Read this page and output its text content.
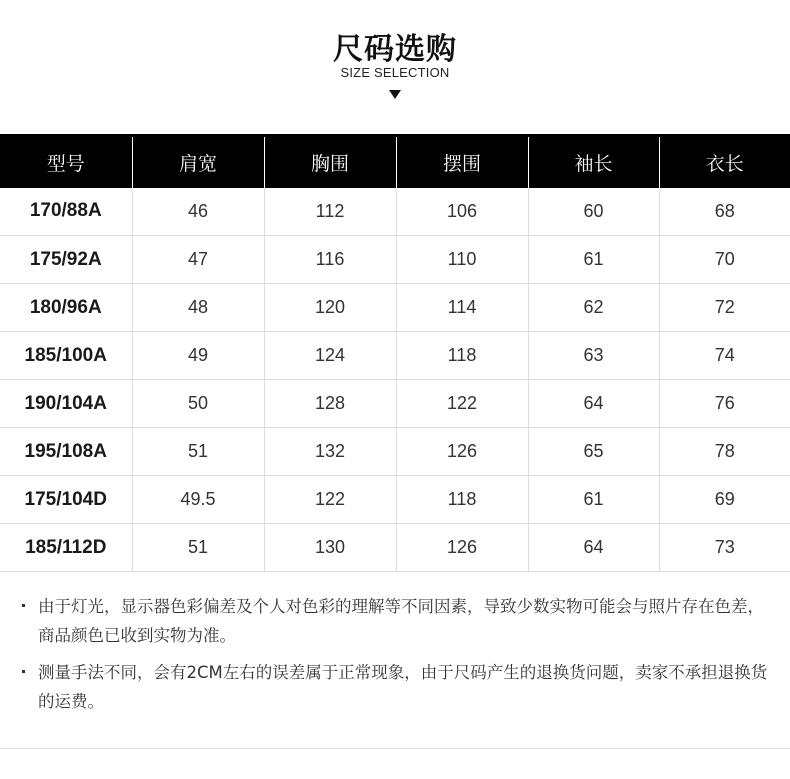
尺码选购
SIZE SELECTION
型号	肩宽	胸围	摆围	袖长	衣长
170/88A	46	112	106	60	68
175/92A	47	116	110	61	70
180/96A	48	120	114	62	72
185/100A	49	124	118	63	74
190/104A	50	128	122	64	76
195/108A	51	132	126	65	78
175/104D	49.5	122	118	61	69
185/112D	51	130	126	64	73
由于灯光，显示器色彩偏差及个人对色彩的理解等不同因素，导致少数实物可能会与照片存在色差，商品颜色已收到实物为准。
测量手法不同，会有2CM左右的误差属于正常现象，由于尺码产生的退换货问题，卖家不承担退换货的运费。
